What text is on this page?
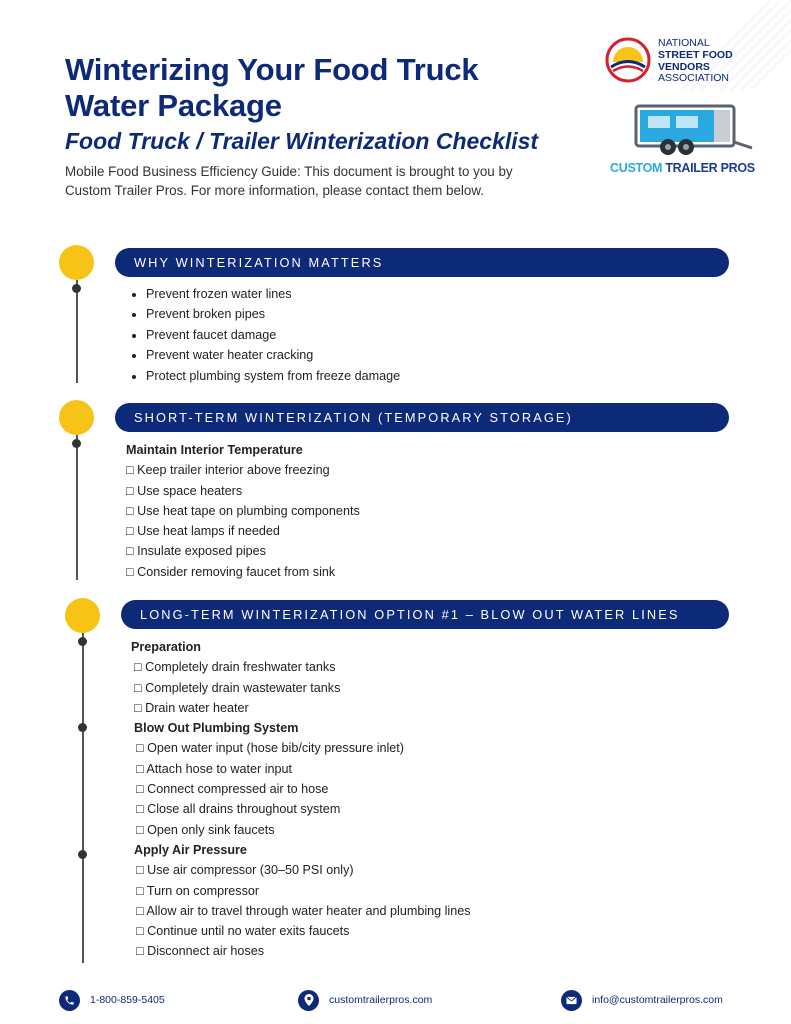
Winterizing Your Food Truck Water Package
Food Truck / Trailer Winterization Checklist
Mobile Food Business Efficiency Guide: This document is brought to you by Custom Trailer Pros. For more information, please contact them below.
NATIONAL
STREET FOOD
VENDORS
ASSOCIATION
CUSTOM TRAILER PROS
WHY WINTERIZATION MATTERS
• Prevent frozen water lines
• Prevent broken pipes
• Prevent faucet damage
• Prevent water heater cracking
• Protect plumbing system from freeze damage
SHORT-TERM WINTERIZATION (TEMPORARY STORAGE)
Maintain Interior Temperature
□ Keep trailer interior above freezing
□ Use space heaters
□ Use heat tape on plumbing components
□ Use heat lamps if needed
□ Insulate exposed pipes
□ Consider removing faucet from sink
LONG-TERM WINTERIZATION OPTION #1 – BLOW OUT WATER LINES
Preparation
□ Completely drain freshwater tanks
□ Completely drain wastewater tanks
□ Drain water heater
Blow Out Plumbing System
□ Open water input (hose bib/city pressure inlet)
□ Attach hose to water input
□ Connect compressed air to hose
□ Close all drains throughout system
□ Open only sink faucets
Apply Air Pressure
□ Use air compressor (30–50 PSI only)
□ Turn on compressor
□ Allow air to travel through water heater and plumbing lines
□ Continue until no water exits faucets
□ Disconnect air hoses
1-800-859-5405	customtrailerpros.com	info@customtrailerpros.com
